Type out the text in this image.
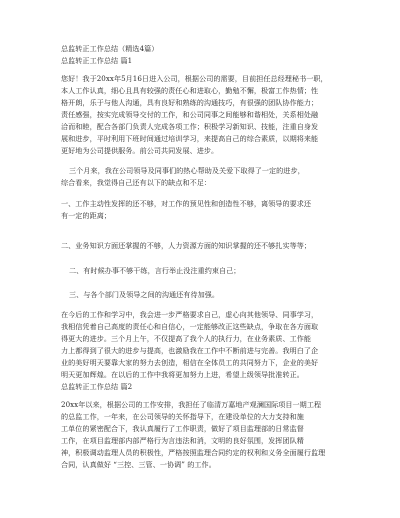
总监转正工作总结（精选4篇）
总监转正工作总结 篇1
您好！我于20xx年5月16日进入公司，根据公司的需要，目前担任总经理秘书一职，
本人工作认真，细心且具有较强的责任心和进取心，勤勉不懈，极富工作热情；性
格开朗，乐于与他人沟通，具有良好和熟练的沟通技巧，有很强的团队协作能力；
责任感强，按实完成领导交付的工作，和公司同事之间能够和谐相处，关系相处融
洽而和睦，配合各部门负责人完成各项工作；积极学习新知识、技能，注重自身发
展和进步，平时利用下班时间通过培训学习，来提高自己的综合素质，以期将来能
更好地为公司提供服务。前公司共同发展、进步。
三个月来，我在公司领导及同事们的热心帮助及关爱下取得了一定的进步，
综合看来，我觉得自己还有以下的缺点和不足：
一、工作主动性发挥的还不够，对工作的预见性和创造性不够，离领导的要求还
有一定的距离；
二、业务知识方面还掌握的不够，人力资源方面的知识掌握的还不够扎实等等；
二、有时候办事不够干练，言行举止没注重约束自己；
三、与各个部门及领导之间的沟通还有待加强。
在今后的工作和学习中，我会进一步严格要求自己，虚心向其他领导、同事学习，
我相信凭着自己高度的责任心和自信心，一定能够改正这些缺点，争取在各方面取
得更大的进步。三个月上午，不仅提高了我个人的执行力，在业务素质、工作能
力上都得到了很大的进步与提高，也激励我在工作中不断前进与完善。我明白了企
业的美好明天要靠大家的努力去创造，相信在全体员工的共同努力下，企业的美好
明天更加辉煌。在以后的工作中我将更加努力上进，希望上级领导批准转正。
总监转正工作总结 篇2
20xx年以来，根据公司的工作安排，我担任了临清万嘉地产观澜国际项目一期工程
的总监工作，一年来，在公司领导的关怀指导下，在建设单位的大力支持和施
工单位的紧密配合下，我认真履行了工作职责，做好了项目监理部的日常监督
工作，在项目监理部内部严格行为言违法和消，文明的良好氛围，发挥团队精
神，积极调动监理人员的积极性，严格按照监理合同约定的权利和义务全面履行监理
合同，认真做好 “三控、三管、一协调” 的工作。
